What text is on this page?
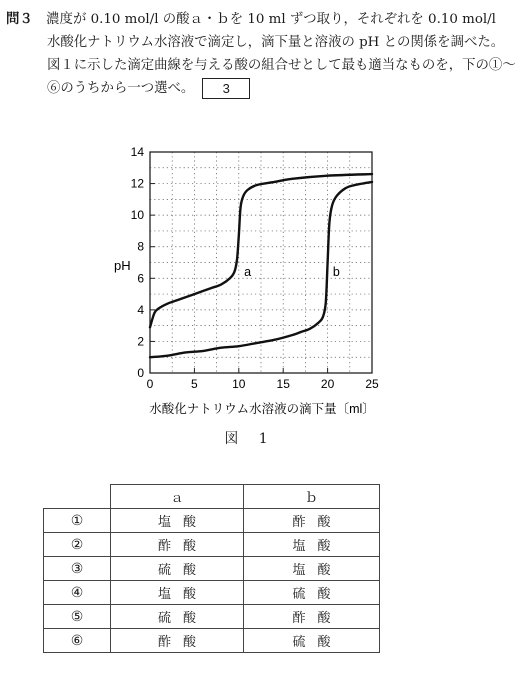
問３　 濃度が 0.10 mol/l の酸ａ・ｂを 10 ml ずつ取り，それぞれを 0.10 mol/l
水酸化ナトリウム水溶液で滴定し，滴下量と溶液の pH との関係を調べた。
図１に示した滴定曲線を与える酸の組合せとして最も適当なものを，下の①〜
⑥のうちから一つ選べ。 3
0	5	10	15	20	25
0
2
4
6
8
10
12
14
a	b
pH
水酸化ナトリウム水溶液の滴下量〔ml〕
図 1
	ａ	ｂ
①	塩酸	酢酸
②	酢酸	塩酸
③	硫酸	塩酸
④	塩酸	硫酸
⑤	硫酸	酢酸
⑥	酢酸	硫酸
